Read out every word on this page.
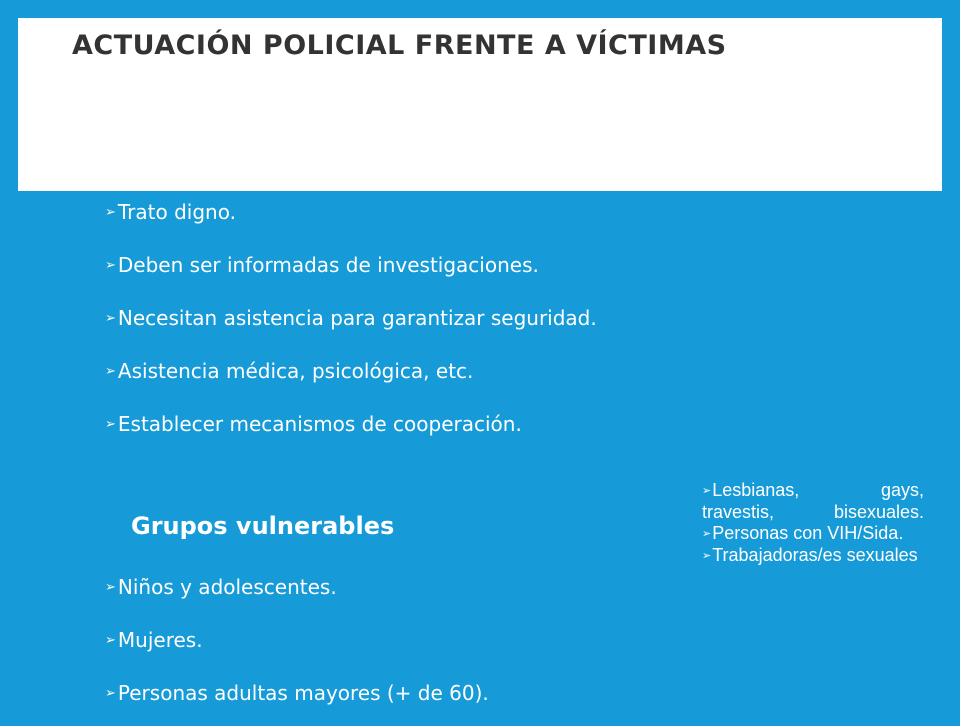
ACTUACIÓN POLICIAL FRENTE A VÍCTIMAS
➢ Trato digno.
➢ Deben ser informadas de investigaciones.
➢ Necesitan asistencia para garantizar seguridad.
➢ Asistencia médica, psicológica, etc.
➢ Establecer mecanismos de cooperación.
Grupos vulnerables
➢ Niños y adolescentes.
➢ Mujeres.
➢ Personas adultas mayores (+ de 60).
➢Lesbianas, gays, travestis, bisexuales.
➢Personas con VIH/Sida.
➢Trabajadoras/es sexuales
